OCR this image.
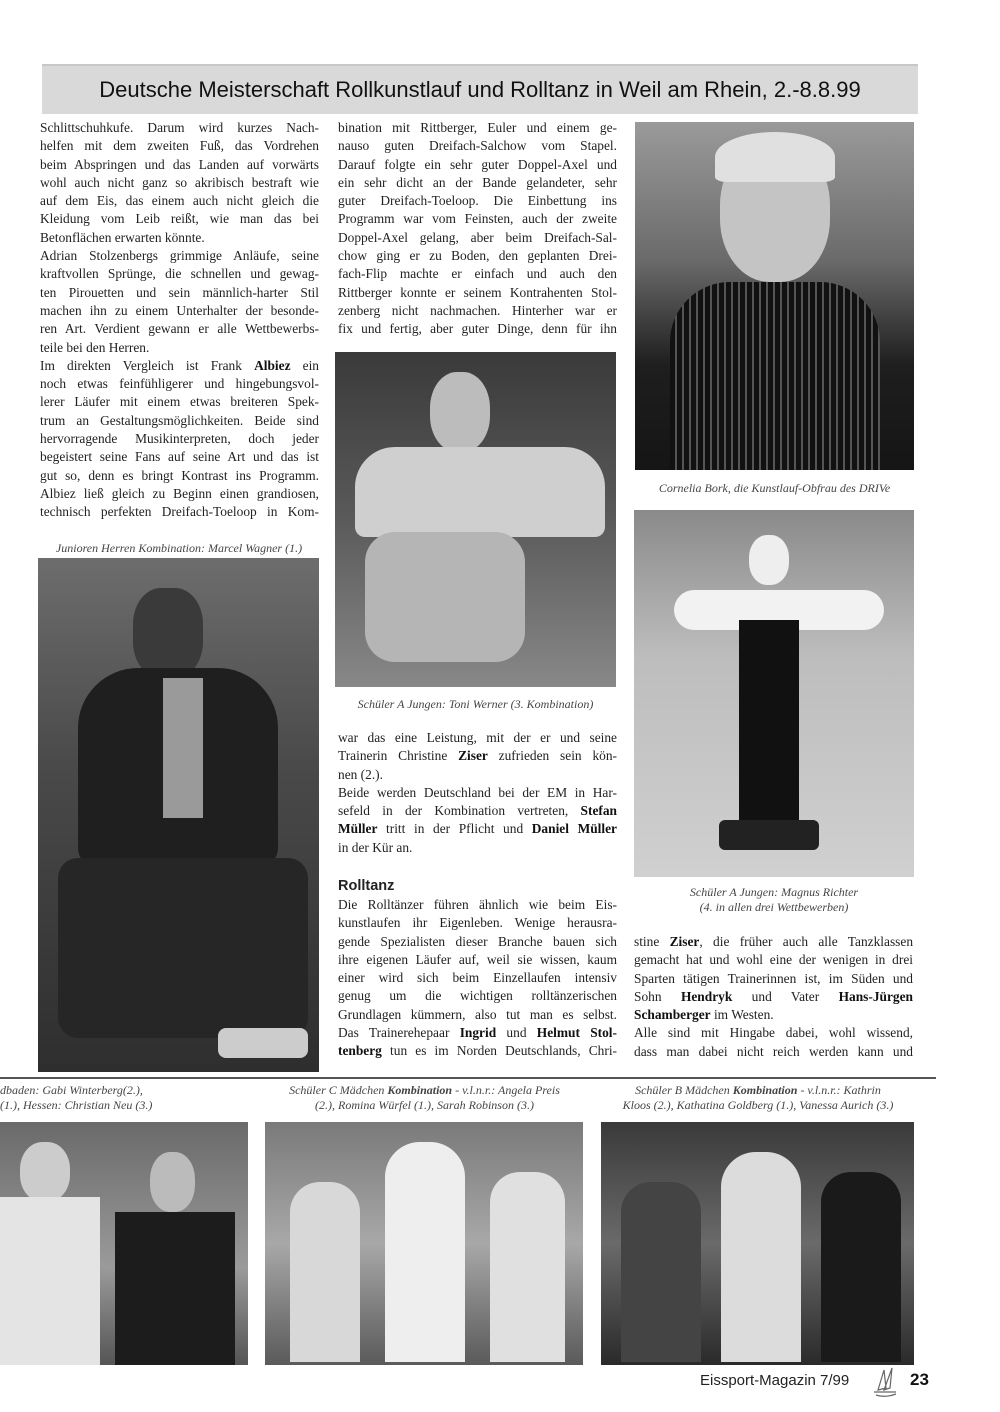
Deutsche Meisterschaft Rollkunstlauf und Rolltanz in Weil am Rhein, 2.-8.8.99
Schlittschuhkufe. Darum wird kurzes Nach-
helfen mit dem zweiten Fuß, das Vordrehen
beim Abspringen und das Landen auf vorwärts
wohl auch nicht ganz so akribisch bestraft wie
auf dem Eis, das einem auch nicht gleich die
Kleidung vom Leib reißt, wie man das bei
Betonflächen erwarten könnte.
Adrian Stolzenbergs grimmige Anläufe, seine
kraftvollen Sprünge, die schnellen und gewag-
ten Pirouetten und sein männlich-harter Stil
machen ihn zu einem Unterhalter der besonde-
ren Art. Verdient gewann er alle Wettbewerbs-
teile bei den Herren.
Im direkten Vergleich ist Frank Albiez ein
noch etwas feinfühligerer und hingebungsvol-
lerer Läufer mit einem etwas breiteren Spek-
trum an Gestaltungsmöglichkeiten. Beide sind
hervorragende Musikinterpreten, doch jeder
begeistert seine Fans auf seine Art und das ist
gut so, denn es bringt Kontrast ins Programm.
Albiez ließ gleich zu Beginn einen grandiosen,
technisch perfekten Dreifach-Toeloop in Kom-
Junioren Herren Kombination: Marcel Wagner (1.)
bination mit Rittberger, Euler und einem ge-
nauso guten Dreifach-Salchow vom Stapel.
Darauf folgte ein sehr guter Doppel-Axel und
ein sehr dicht an der Bande gelandeter, sehr
guter Dreifach-Toeloop. Die Einbettung ins
Programm war vom Feinsten, auch der zweite
Doppel-Axel gelang, aber beim Dreifach-Sal-
chow ging er zu Boden, den geplanten Drei-
fach-Flip machte er einfach und auch den
Rittberger konnte er seinem Kontrahenten Stol-
zenberg nicht nachmachen. Hinterher war er
fix und fertig, aber guter Dinge, denn für ihn
Schüler A Jungen: Toni Werner (3. Kombination)
war das eine Leistung, mit der er und seine
Trainerin Christine Ziser zufrieden sein kön-
nen (2.).
Beide werden Deutschland bei der EM in Har-
sefeld in der Kombination vertreten, Stefan
Müller tritt in der Pflicht und Daniel Müller
in der Kür an.
Rolltanz
Die Rolltänzer führen ähnlich wie beim Eis-
kunstlaufen ihr Eigenleben. Wenige herausra-
gende Spezialisten dieser Branche bauen sich
ihre eigenen Läufer auf, weil sie wissen, kaum
einer wird sich beim Einzellaufen intensiv
genug um die wichtigen rolltänzerischen
Grundlagen kümmern, also tut man es selbst.
Das Trainerehepaar Ingrid und Helmut Stol-
tenberg tun es im Norden Deutschlands, Chri-
Cornelia Bork, die Kunstlauf-Obfrau des DRIVe
Schüler A Jungen: Magnus Richter
(4. in allen drei Wettbewerben)
stine Ziser, die früher auch alle Tanzklassen
gemacht hat und wohl eine der wenigen in drei
Sparten tätigen Trainerinnen ist, im Süden und
Sohn Hendryk und Vater Hans-Jürgen
Schamberger im Westen.
Alle sind mit Hingabe dabei, wohl wissend,
dass man dabei nicht reich werden kann und
dbaden: Gabi Winterberg(2.),
(1.), Hessen: Christian Neu (3.)
Schüler C Mädchen Kombination - v.l.n.r.: Angela Preis
(2.), Romina Würfel (1.), Sarah Robinson (3.)
Schüler B Mädchen Kombination - v.l.n.r.: Kathrin
Kloos (2.), Kathatina Goldberg (1.), Vanessa Aurich (3.)
Eissport-Magazin 7/99	23
